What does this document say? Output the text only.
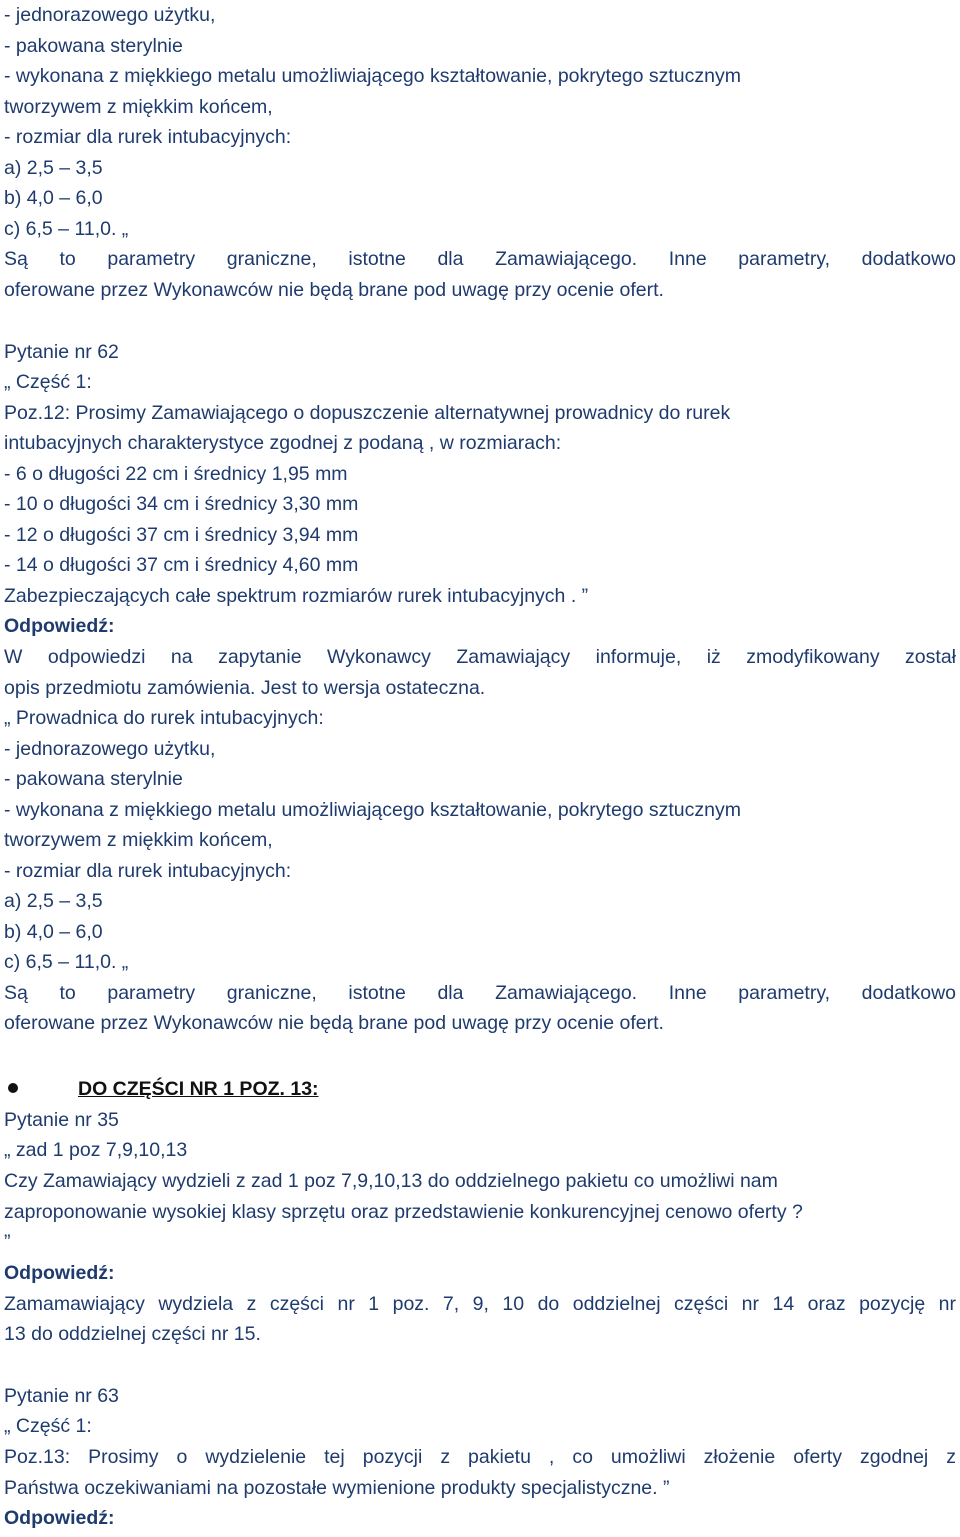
- jednorazowego użytku,
- pakowana sterylnie
- wykonana z miękkiego metalu umożliwiającego kształtowanie, pokrytego sztucznym
tworzywem z miękkim końcem,
- rozmiar dla rurek intubacyjnych:
a) 2,5 – 3,5
b) 4,0 – 6,0
c) 6,5 – 11,0. „
Są to parametry graniczne, istotne dla Zamawiającego. Inne parametry, dodatkowo
oferowane przez Wykonawców nie będą brane pod uwagę przy ocenie ofert.
Pytanie nr 62
„ Część 1:
Poz.12: Prosimy Zamawiającego o dopuszczenie alternatywnej prowadnicy do rurek
intubacyjnych charakterystyce zgodnej z podaną , w rozmiarach:
- 6 o długości 22 cm i średnicy 1,95 mm
- 10 o długości 34 cm i średnicy 3,30 mm
- 12 o długości 37 cm i średnicy 3,94 mm
- 14 o długości 37 cm i średnicy 4,60 mm
Zabezpieczających całe spektrum rozmiarów rurek intubacyjnych . ”
Odpowiedź:
W odpowiedzi na zapytanie Wykonawcy Zamawiający informuje, iż zmodyfikowany został
opis przedmiotu zamówienia. Jest to wersja ostateczna.
„ Prowadnica do rurek intubacyjnych:
- jednorazowego użytku,
- pakowana sterylnie
- wykonana z miękkiego metalu umożliwiającego kształtowanie, pokrytego sztucznym
tworzywem z miękkim końcem,
- rozmiar dla rurek intubacyjnych:
a) 2,5 – 3,5
b) 4,0 – 6,0
c) 6,5 – 11,0. „
Są to parametry graniczne, istotne dla Zamawiającego. Inne parametry, dodatkowo
oferowane przez Wykonawców nie będą brane pod uwagę przy ocenie ofert.
DO CZĘŚCI NR 1 POZ. 13:
Pytanie nr 35
„ zad 1 poz 7,9,10,13
Czy Zamawiający wydzieli z zad 1 poz 7,9,10,13 do oddzielnego pakietu co umożliwi nam
zaproponowanie wysokiej klasy sprzętu oraz przedstawienie konkurencyjnej cenowo oferty ?
”
Odpowiedź:
Zamamawiający wydziela z części nr 1 poz. 7, 9, 10 do oddzielnej części nr 14 oraz pozycję nr
13 do oddzielnej części nr 15.
Pytanie nr 63
„ Część 1:
Poz.13: Prosimy o wydzielenie tej pozycji z pakietu , co umożliwi złożenie oferty zgodnej z
Państwa oczekiwaniami na pozostałe wymienione produkty specjalistyczne. ”
Odpowiedź:
